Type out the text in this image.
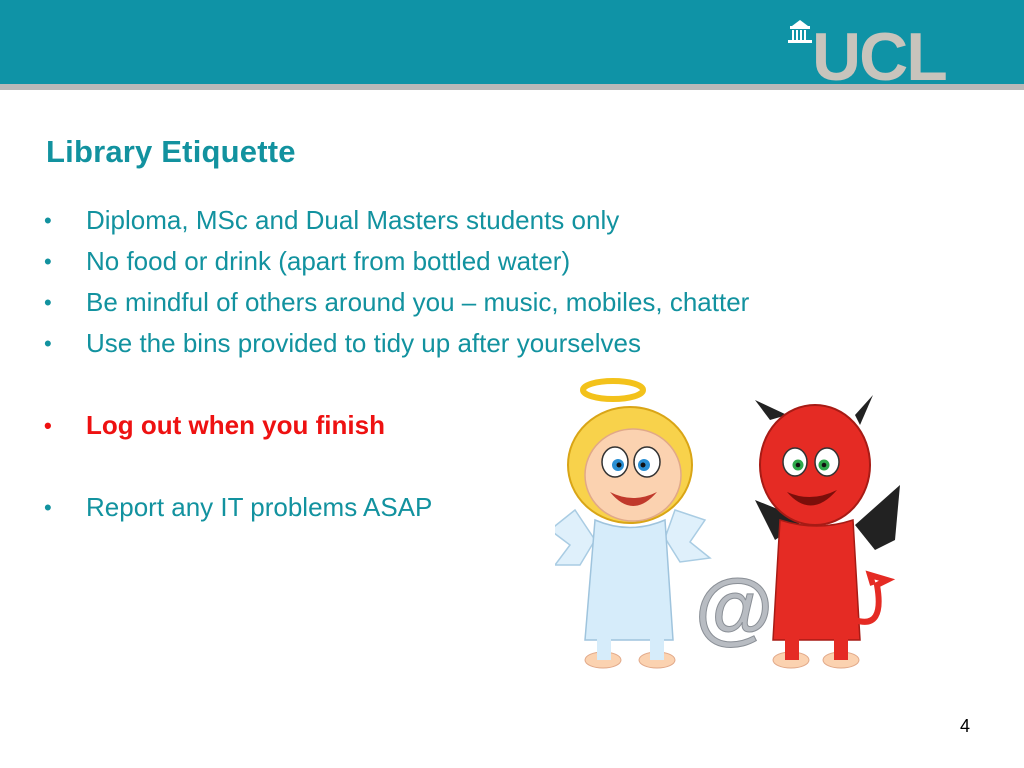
UCL
Library Etiquette
• Diploma, MSc and Dual Masters students only
• No food or drink (apart from bottled water)
• Be mindful of others around you – music, mobiles, chatter
• Use the bins provided to tidy up after yourselves
• Log out when you finish
• Report any IT problems ASAP
@
4
